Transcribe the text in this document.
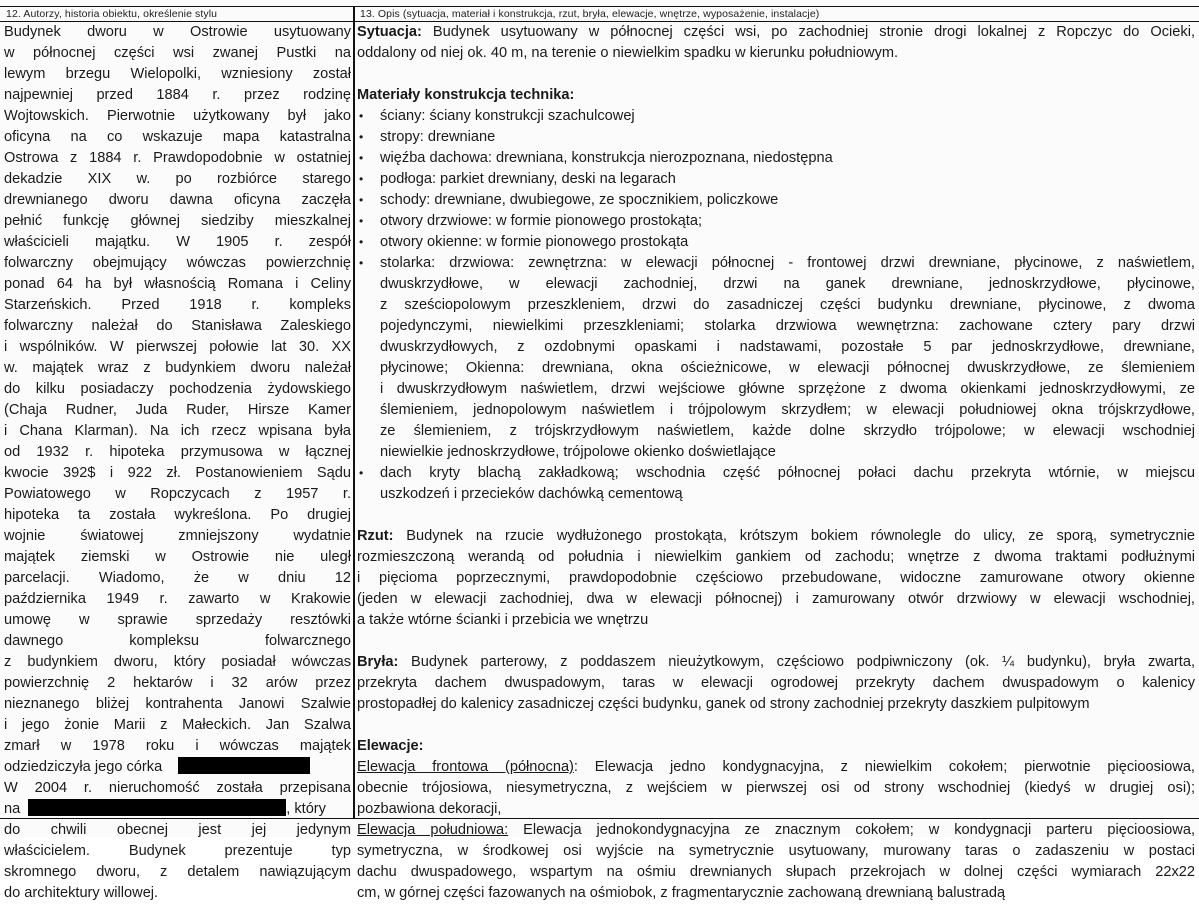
12. Autorzy, historia obiektu, określenie stylu	13. Opis (sytuacja, materiał i konstrukcja, rzut, bryła, elewacje, wnętrze, wyposażenie, instalacje)
Budynek dworu w Ostrowie usytuowany
w północnej części wsi zwanej Pustki na
lewym brzegu Wielopolki, wzniesiony został
najpewniej przed 1884 r. przez rodzinę
Wojtowskich. Pierwotnie użytkowany był jako
oficyna na co wskazuje mapa katastralna
Ostrowa z 1884 r. Prawdopodobnie w ostatniej
dekadzie XIX w. po rozbiórce starego
drewnianego dworu dawna oficyna zaczęła
pełnić funkcję głównej siedziby mieszkalnej
właścicieli majątku. W 1905 r. zespół
folwarczny obejmujący wówczas powierzchnię
ponad 64 ha był własnością Romana i Celiny
Starzeńskich. Przed 1918 r. kompleks
folwarczny należał do Stanisława Zaleskiego
i wspólników. W pierwszej połowie lat 30. XX
w. majątek wraz z budynkiem dworu należał
do kilku posiadaczy pochodzenia żydowskiego
(Chaja Rudner, Juda Ruder, Hirsze Kamer
i Chana Klarman). Na ich rzecz wpisana była
od 1932 r. hipoteka przymusowa w łącznej
kwocie 392$ i 922 zł. Postanowieniem Sądu
Powiatowego w Ropczycach z 1957 r.
hipoteka ta została wykreślona. Po drugiej
wojnie światowej zmniejszony wydatnie
majątek ziemski w Ostrowie nie uległ
parcelacji. Wiadomo, że w dniu 12
października 1949 r. zawarto w Krakowie
umowę w sprawie sprzedaży resztówki
dawnego kompleksu folwarcznego
z budynkiem dworu, który posiadał wówczas
powierzchnię 2 hektarów i 32 arów przez
nieznanego bliżej kontrahenta Janowi Szalwie
i jego żonie Marii z Małeckich. Jan Szalwa
zmarł w 1978 roku i wówczas majątek
odziedziczyła jego córka
W 2004 r. nieruchomość została przepisana
na	, który
do chwili obecnej jest jej jedynym
właścicielem. Budynek prezentuje typ
skromnego dworu, z detalem nawiązującym
do architektury willowej.
Sytuacja: Budynek usytuowany w północnej części wsi, po zachodniej stronie drogi lokalnej z Ropczyc do Ocieki,
oddalony od niej ok. 40 m, na terenie o niewielkim spadku w kierunku południowym.
Materiały konstrukcja technika:
• ściany: ściany konstrukcji szachulcowej
• stropy: drewniane
• więźba dachowa: drewniana, konstrukcja nierozpoznana, niedostępna
• podłoga: parkiet drewniany, deski na legarach
• schody: drewniane, dwubiegowe, ze spocznikiem, policzkowe
• otwory drzwiowe: w formie pionowego prostokąta;
• otwory okienne: w formie pionowego prostokąta
• stolarka: drzwiowa: zewnętrzna: w elewacji północnej - frontowej drzwi drewniane, płycinowe, z naświetlem,
dwuskrzydłowe, w elewacji zachodniej, drzwi na ganek drewniane, jednoskrzydłowe, płycinowe,
z sześciopolowym przeszkleniem, drzwi do zasadniczej części budynku drewniane, płycinowe, z dwoma
pojedynczymi, niewielkimi przeszkleniami; stolarka drzwiowa wewnętrzna: zachowane cztery pary drzwi
dwuskrzydłowych, z ozdobnymi opaskami i nadstawami, pozostałe 5 par jednoskrzydłowe, drewniane,
płycinowe; Okienna: drewniana, okna ościeżnicowe, w elewacji północnej dwuskrzydłowe, ze ślemieniem
i dwuskrzydłowym naświetlem, drzwi wejściowe główne sprzężone z dwoma okienkami jednoskrzydłowymi, ze
ślemieniem, jednopolowym naświetlem i trójpolowym skrzydłem; w elewacji południowej okna trójskrzydłowe,
ze ślemieniem, z trójskrzydłowym naświetlem, każde dolne skrzydło trójpolowe; w elewacji wschodniej
niewielkie jednoskrzydłowe, trójpolowe okienko doświetlające
• dach kryty blachą zakładkową; wschodnia część północnej połaci dachu przekryta wtórnie, w miejscu
uszkodzeń i przecieków dachówką cementową
Rzut: Budynek na rzucie wydłużonego prostokąta, krótszym bokiem równolegle do ulicy, ze sporą, symetrycznie
rozmieszczoną werandą od południa i niewielkim gankiem od zachodu; wnętrze z dwoma traktami podłużnymi
i pięcioma poprzecznymi, prawdopodobnie częściowo przebudowane, widoczne zamurowane otwory okienne
(jeden w elewacji zachodniej, dwa w elewacji północnej) i zamurowany otwór drzwiowy w elewacji wschodniej,
a także wtórne ścianki i przebicia we wnętrzu
Bryła: Budynek parterowy, z poddaszem nieużytkowym, częściowo podpiwniczony (ok. ¼ budynku), bryła zwarta,
przekryta dachem dwuspadowym, taras w elewacji ogrodowej przekryty dachem dwuspadowym o kalenicy
prostopadłej do kalenicy zasadniczej części budynku, ganek od strony zachodniej przekryty daszkiem pulpitowym
Elewacje:
Elewacja frontowa (północna): Elewacja jedno kondygnacyjna, z niewielkim cokołem; pierwotnie pięcioosiowa,
obecnie trójosiowa, niesymetryczna, z wejściem w pierwszej osi od strony wschodniej (kiedyś w drugiej osi);
pozbawiona dekoracji,
Elewacja południowa: Elewacja jednokondygnacyjna ze znacznym cokołem; w kondygnacji parteru pięcioosiowa,
symetryczna, w środkowej osi wyjście na symetrycznie usytuowany, murowany taras o zadaszeniu w postaci
dachu dwuspadowego, wspartym na ośmiu drewnianych słupach przekrojach w dolnej części wymiarach 22x22
cm, w górnej części fazowanych na ośmiobok, z fragmentarycznie zachowaną drewnianą balustradą
